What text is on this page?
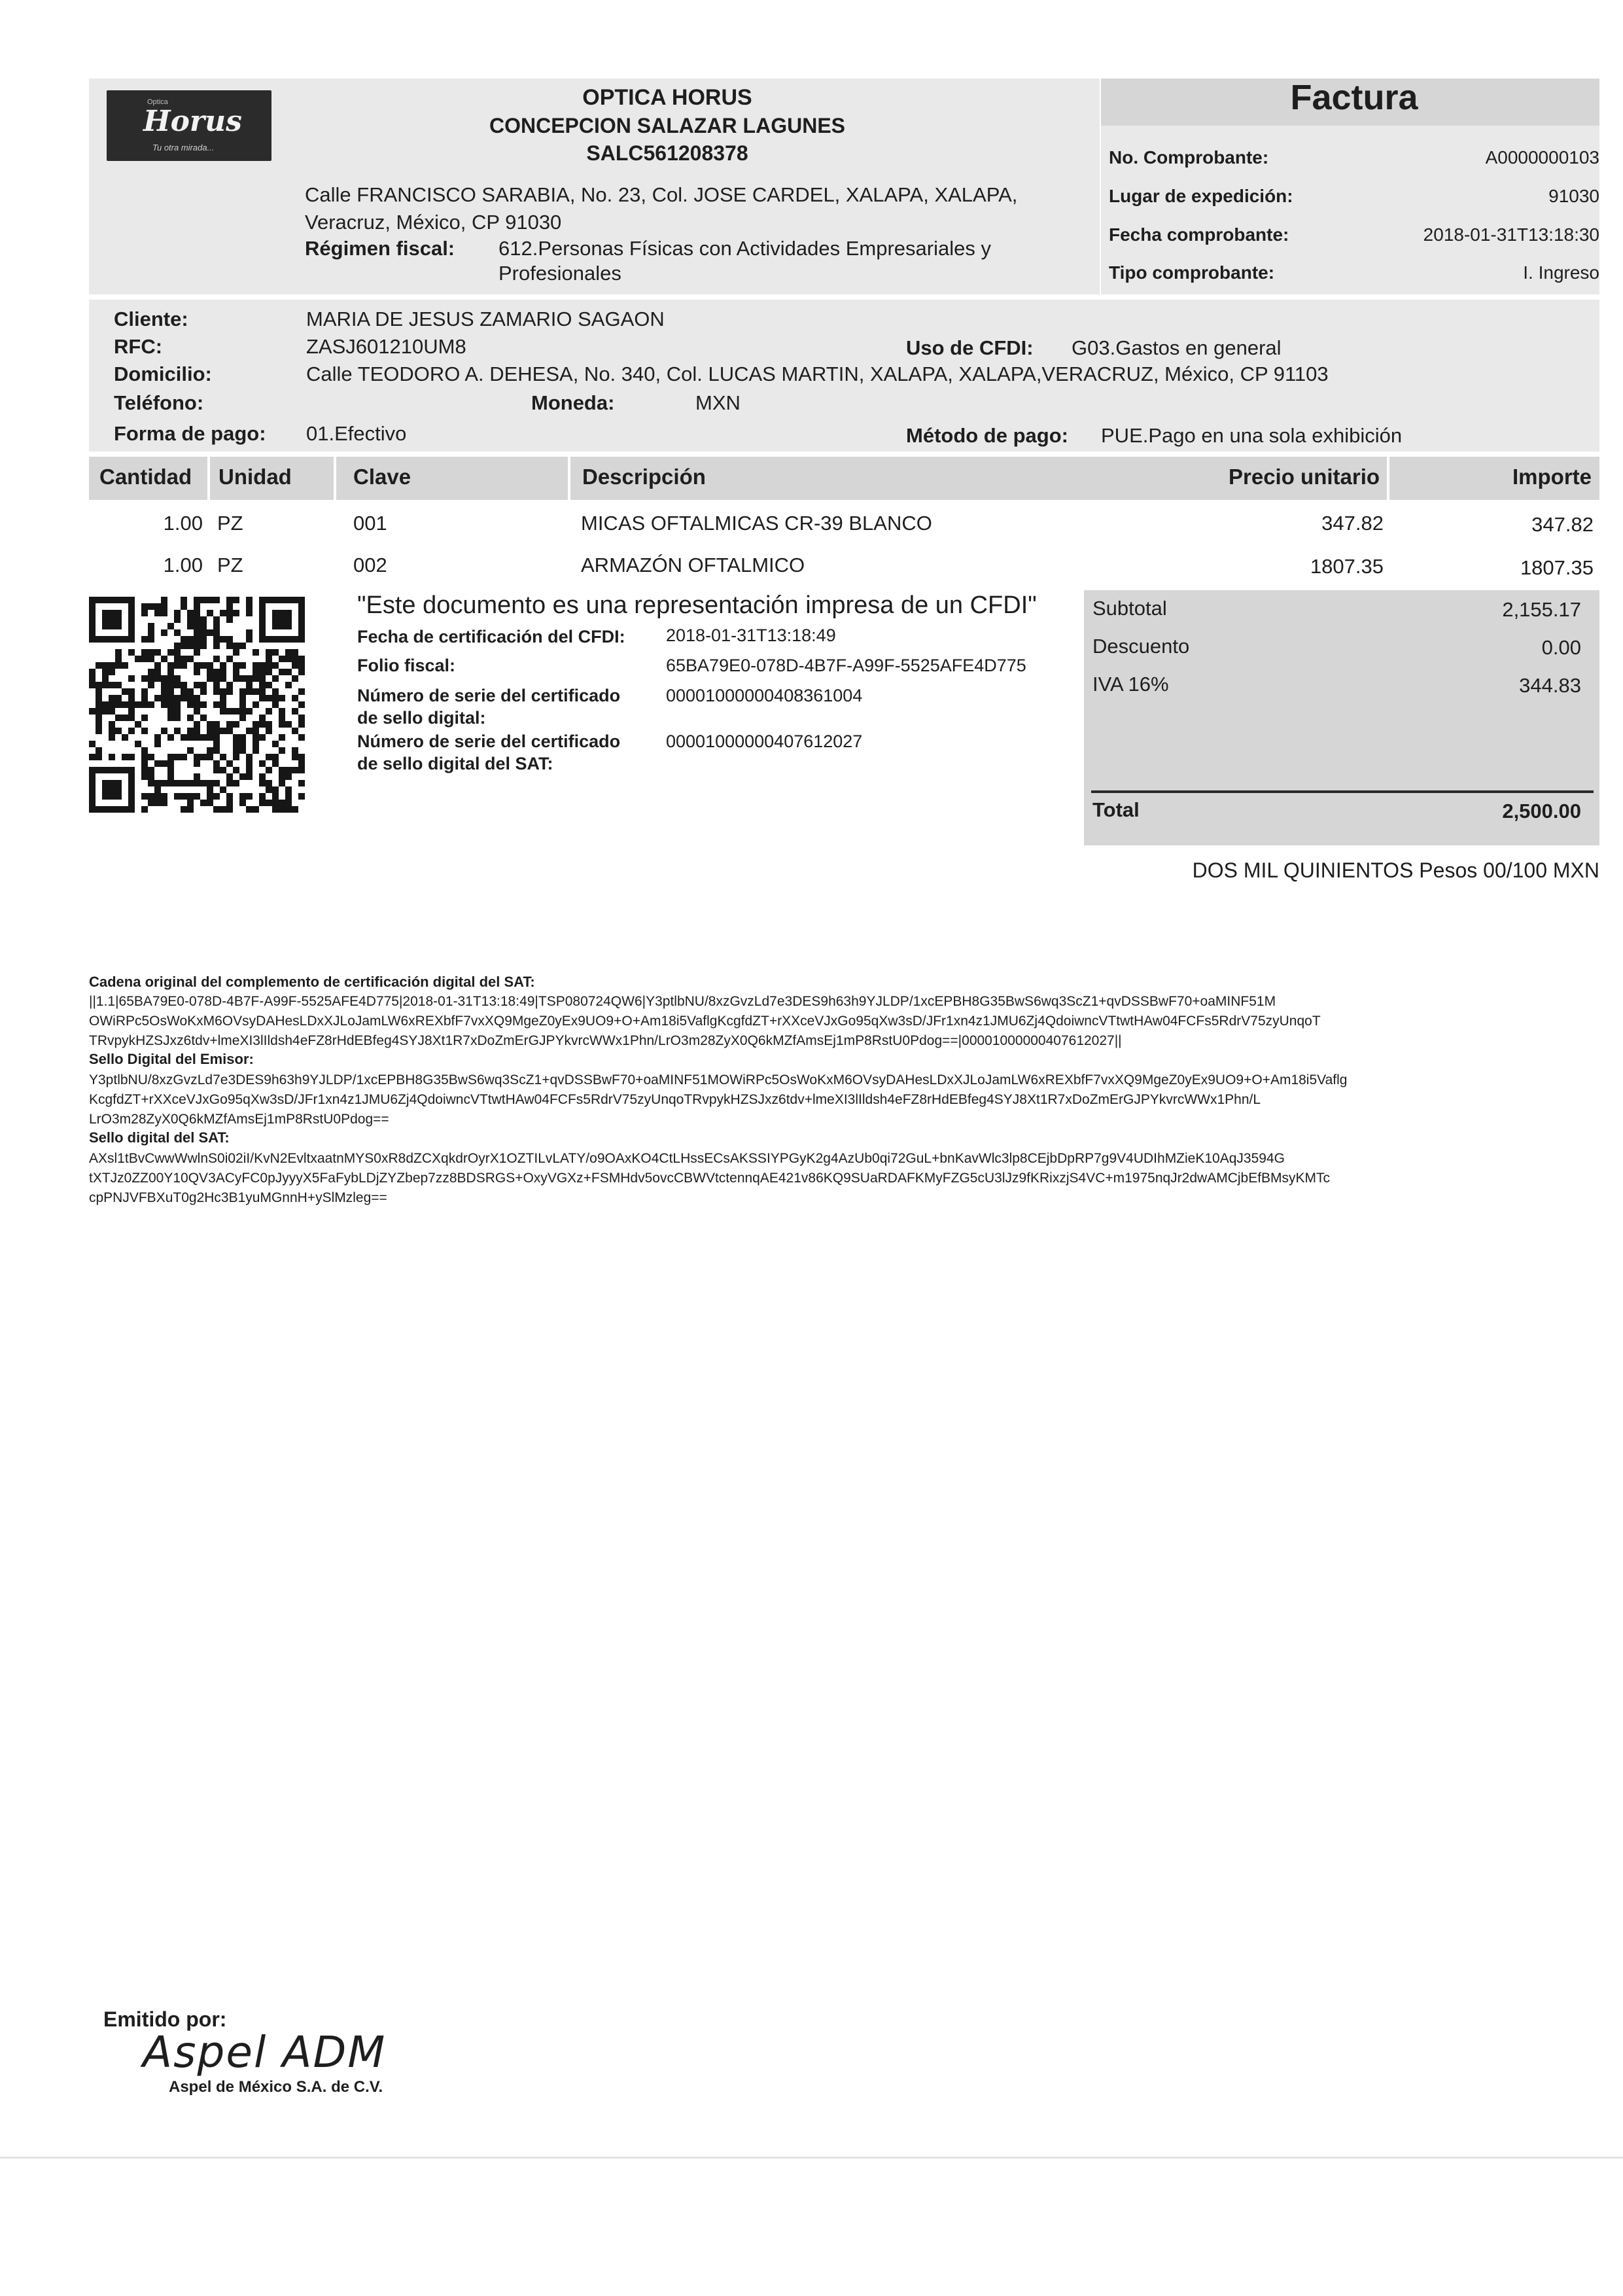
Optica
Horus
Tu otra mirada...
OPTICA HORUS
CONCEPCION SALAZAR LAGUNES
SALC561208378
Calle FRANCISCO SARABIA, No. 23, Col. JOSE CARDEL, XALAPA, XALAPA,
Veracruz, México, CP 91030
Régimen fiscal: 612.Personas Físicas con Actividades Empresariales y
Profesionales
Factura
No. Comprobante:	A0000000103
Lugar de expedición:	91030
Fecha comprobante:	2018-01-31T13:18:30
Tipo comprobante:	I. Ingreso
Cliente:	MARIA DE JESUS ZAMARIO SAGAON
RFC:	ZASJ601210UM8	Uso de CFDI: G03.Gastos en general
Domicilio:	Calle TEODORO A. DEHESA, No. 340, Col. LUCAS MARTIN, XALAPA, XALAPA,VERACRUZ, México, CP 91103
Teléfono:	Moneda:	MXN
Forma de pago: 01.Efectivo	Método de pago: PUE.Pago en una sola exhibición
Cantidad Unidad	Clave	Descripción	Precio unitario	Importe
1.00 PZ	001	MICAS OFTALMICAS CR-39 BLANCO	347.82	347.82
1.00 PZ	002	ARMAZÓN OFTALMICO	1807.35	1807.35
"Este documento es una representación impresa de un CFDI"
Fecha de certificación del CFDI: 2018-01-31T13:18:49
Folio fiscal:	65BA79E0-078D-4B7F-A99F-5525AFE4D775
Número de serie del certificado
de sello digital:
00001000000408361004
Número de serie del certificado
de sello digital del SAT:
00001000000407612027
Subtotal	2,155.17
Descuento	0.00
IVA 16%	344.83
Total	2,500.00
DOS MIL QUINIENTOS Pesos 00/100 MXN
Cadena original del complemento de certificación digital del SAT:
||1.1|65BA79E0-078D-4B7F-A99F-5525AFE4D775|2018-01-31T13:18:49|TSP080724QW6|Y3ptlbNU/8xzGvzLd7e3DES9h63h9YJLDP/1xcEPBH8G35BwS6wq3ScZ1+qvDSSBwF70+oaMINF51M
OWiRPc5OsWoKxM6OVsyDAHesLDxXJLoJamLW6xREXbfF7vxXQ9MgeZ0yEx9UO9+O+Am18i5VaflgKcgfdZT+rXXceVJxGo95qXw3sD/JFr1xn4z1JMU6Zj4QdoiwncVTtwtHAw04FCFs5RdrV75zyUnqoT
TRvpykHZSJxz6tdv+lmeXI3lIldsh4eFZ8rHdEBfeg4SYJ8Xt1R7xDoZmErGJPYkvrcWWx1Phn/LrO3m28ZyX0Q6kMZfAmsEj1mP8RstU0Pdog==|00001000000407612027||
Sello Digital del Emisor:
Y3ptlbNU/8xzGvzLd7e3DES9h63h9YJLDP/1xcEPBH8G35BwS6wq3ScZ1+qvDSSBwF70+oaMINF51MOWiRPc5OsWoKxM6OVsyDAHesLDxXJLoJamLW6xREXbfF7vxXQ9MgeZ0yEx9UO9+O+Am18i5Vaflg
KcgfdZT+rXXceVJxGo95qXw3sD/JFr1xn4z1JMU6Zj4QdoiwncVTtwtHAw04FCFs5RdrV75zyUnqoTRvpykHZSJxz6tdv+lmeXI3lIldsh4eFZ8rHdEBfeg4SYJ8Xt1R7xDoZmErGJPYkvrcWWx1Phn/L
LrO3m28ZyX0Q6kMZfAmsEj1mP8RstU0Pdog==
Sello digital del SAT:
AXsl1tBvCwwWwlnS0i02iI/KvN2EvltxaatnMYS0xR8dZCXqkdrOyrX1OZTILvLATY/o9OAxKO4CtLHssECsAKSSIYPGyK2g4AzUb0qi72GuL+bnKavWlc3lp8CEjbDpRP7g9V4UDIhMZieK10AqJ3594G
tXTJz0ZZ00Y10QV3ACyFC0pJyyyX5FaFybLDjZYZbep7zz8BDSRGS+OxyVGXz+FSMHdv5ovcCBWVtctennqAE421v86KQ9SUaRDAFKMyFZG5cU3lJz9fKRixzjS4VC+m1975nqJr2dwAMCjbEfBMsyKMTc
cpPNJVFBXuT0g2Hc3B1yuMGnnH+ySlMzleg==
Emitido por:
Aspel ADM
Aspel de México S.A. de C.V.
